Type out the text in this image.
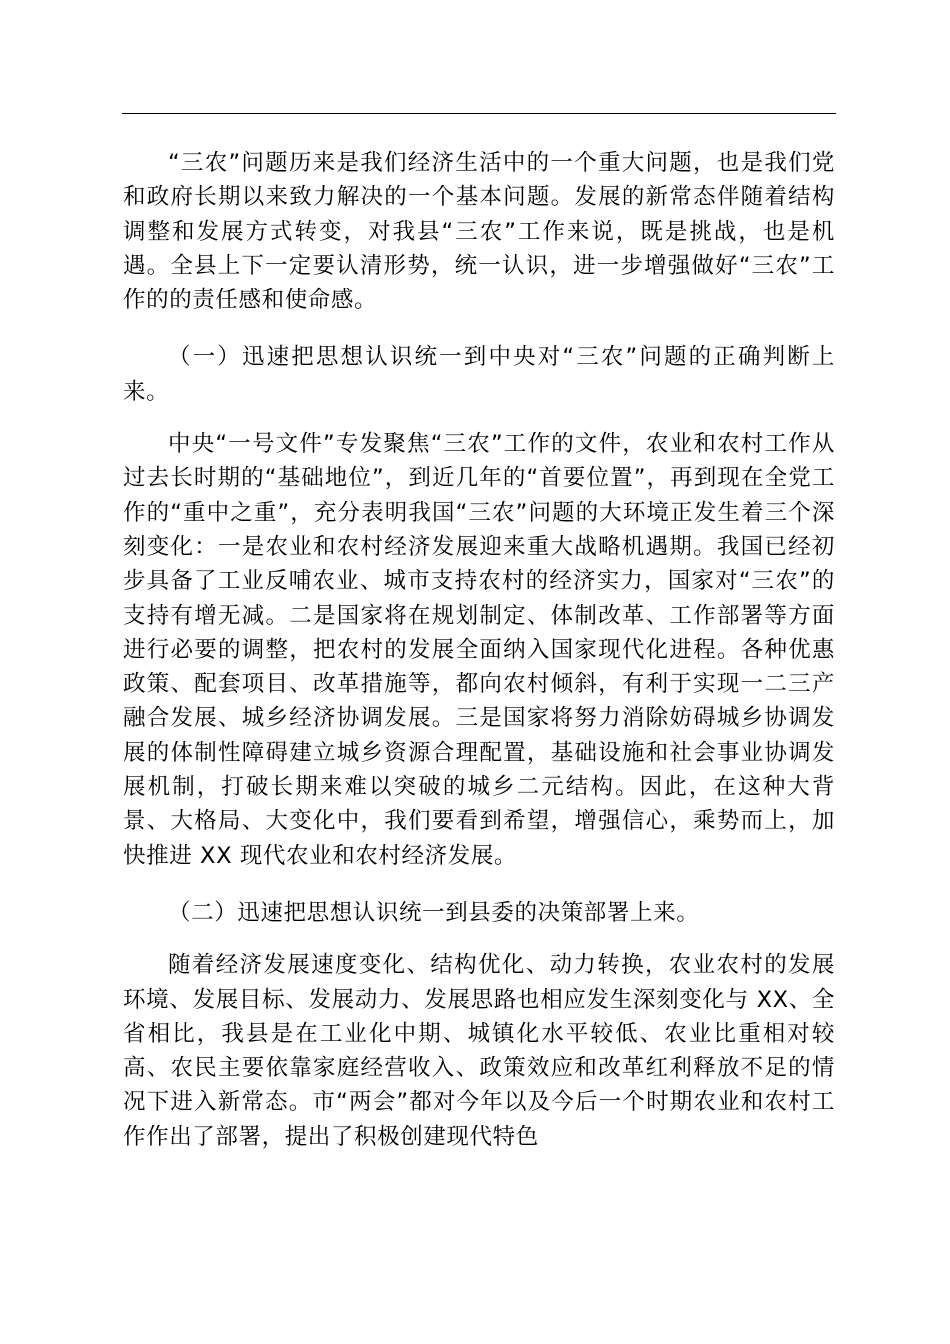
“三农”问题历来是我们经济生活中的一个重大问题，也是我们党和政府长期以来致力解决的一个基本问题。发展的新常态伴随着结构调整和发展方式转变，对我县“三农”工作来说，既是挑战，也是机遇。全县上下一定要认清形势，统一认识，进一步增强做好“三农”工作的的责任感和使命感。

（一）迅速把思想认识统一到中央对“三农”问题的正确判断上来。

中央“一号文件”专发聚焦“三农”工作的文件，农业和农村工作从过去长时期的“基础地位”，到近几年的“首要位置”，再到现在全党工作的“重中之重”，充分表明我国“三农”问题的大环境正发生着三个深刻变化：一是农业和农村经济发展迎来重大战略机遇期。我国已经初步具备了工业反哺农业、城市支持农村的经济实力，国家对“三农”的支持有增无减。二是国家将在规划制定、体制改革、工作部署等方面进行必要的调整，把农村的发展全面纳入国家现代化进程。各种优惠政策、配套项目、改革措施等，都向农村倾斜，有利于实现一二三产融合发展、城乡经济协调发展。三是国家将努力消除妨碍城乡协调发展的体制性障碍建立城乡资源合理配置，基础设施和社会事业协调发展机制，打破长期来难以突破的城乡二元结构。因此，在这种大背景、大格局、大变化中，我们要看到希望，增强信心，乘势而上，加快推进 XX 现代农业和农村经济发展。

（二）迅速把思想认识统一到县委的决策部署上来。

随着经济发展速度变化、结构优化、动力转换，农业农村的发展环境、发展目标、发展动力、发展思路也相应发生深刻变化与 XX、全省相比，我县是在工业化中期、城镇化水平较低、农业比重相对较高、农民主要依靠家庭经营收入、政策效应和改革红利释放不足的情况下进入新常态。市“两会”都对今年以及今后一个时期农业和农村工作作出了部署，提出了积极创建现代特色
